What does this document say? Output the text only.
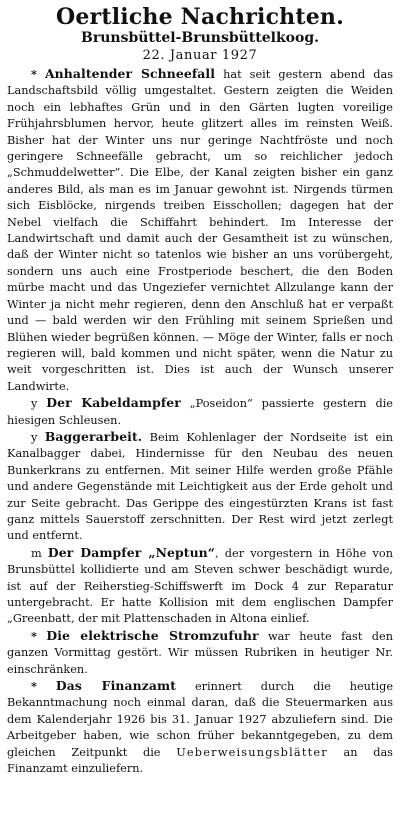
Oertliche Nachrichten.
Brunsbüttel-Brunsbüttelkoog.
22. Januar 1927

* Anhaltender Schneefall hat seit gestern abend das Landschaftsbild völlig umgestaltet. Gestern zeigten die Weiden noch ein lebhaftes Grün und in den Gärten lugten voreilige Frühjahrsblumen hervor, heute glitzert alles im reinsten Weiß. Bisher hat der Winter uns nur geringe Nachtfröste und noch geringere Schneefälle gebracht, um so reichlicher jedoch „Schmuddelwetter“. Die Elbe, der Kanal zeigten bisher ein ganz anderes Bild, als man es im Januar gewohnt ist. Nirgends türmen sich Eisblöcke, nirgends treiben Eisschollen; dagegen hat der Nebel vielfach die Schiffahrt behindert. Im Interesse der Landwirtschaft und damit auch der Gesamtheit ist zu wünschen, daß der Winter nicht so tatenlos wie bisher an uns vorübergeht, sondern uns auch eine Frostperiode beschert, die den Boden mürbe macht und das Ungeziefer vernichtet Allzulange kann der Winter ja nicht mehr regieren, denn den Anschluß hat er verpaßt und — bald werden wir den Frühling mit seinem Sprießen und Blühen wieder begrüßen können. — Möge der Winter, falls er noch regieren will, bald kommen und nicht später, wenn die Natur zu weit vorgeschritten ist. Dies ist auch der Wunsch unserer Landwirte.

y Der Kabeldampfer „Poseidon“ passierte gestern die hiesigen Schleusen.

y Baggerarbeit. Beim Kohlenlager der Nordseite ist ein Kanalbagger dabei, Hindernisse für den Neubau des neuen Bunkerkrans zu entfernen. Mit seiner Hilfe werden große Pfähle und andere Gegenstände mit Leichtigkeit aus der Erde geholt und zur Seite gebracht. Das Gerippe des eingestürzten Krans ist fast ganz mittels Sauerstoff zerschnitten. Der Rest wird jetzt zerlegt und entfernt.

m Der Dampfer „Neptun“, der vorgestern in Höhe von Brunsbüttel kollidierte und am Steven schwer beschädigt wurde, ist auf der Reiherstieg-Schiffswerft im Dock 4 zur Reparatur untergebracht. Er hatte Kollision mit dem englischen Dampfer „Greenbatt, der mit Plattenschaden in Altona einlief.

* Die elektrische Stromzufuhr war heute fast den ganzen Vormittag gestört. Wir müssen Rubriken in heutiger Nr. einschränken.

* Das Finanzamt erinnert durch die heutige Bekanntmachung noch einmal daran, daß die Steuermarken aus dem Kalenderjahr 1926 bis 31. Januar 1927 abzuliefern sind. Die Arbeitgeber haben, wie schon früher bekanntgegeben, zu dem gleichen Zeitpunkt die Ueberweisungsblätter an das Finanzamt einzuliefern.
